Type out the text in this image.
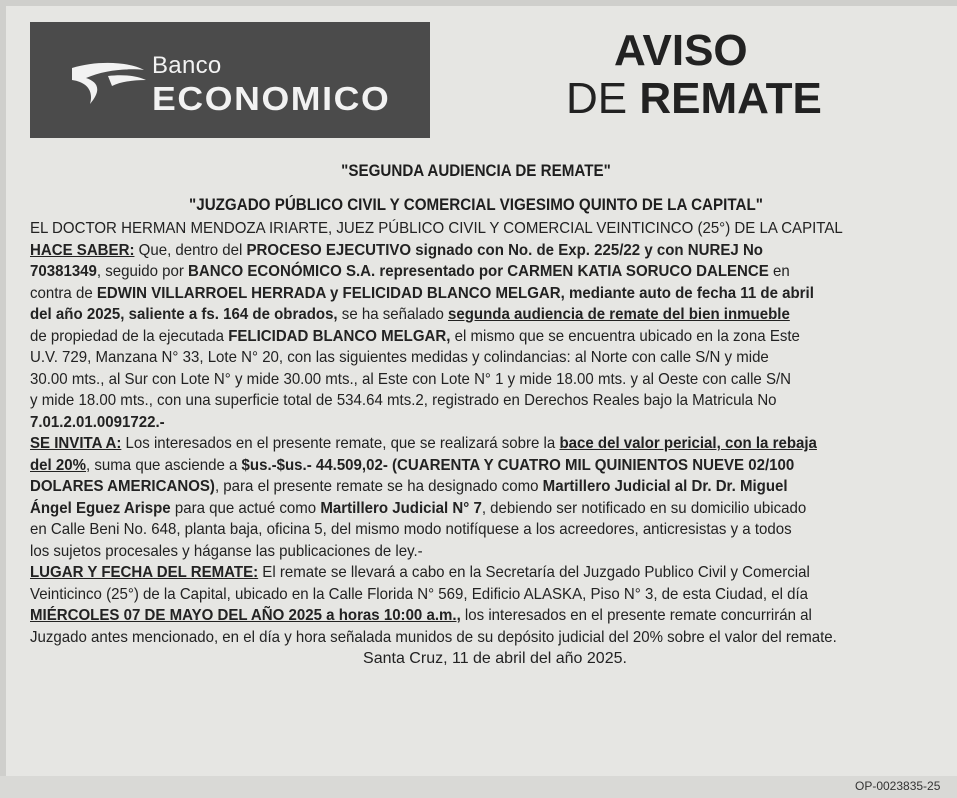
Banco
ECONOMICO
AVISO
DE REMATE
"SEGUNDA AUDIENCIA DE REMATE"
"JUZGADO PÚBLICO CIVIL Y COMERCIAL VIGESIMO QUINTO DE LA CAPITAL"
EL DOCTOR HERMAN MENDOZA IRIARTE, JUEZ PÚBLICO CIVIL Y COMERCIAL VEINTICINCO (25°) DE LA CAPITAL
HACE SABER: Que, dentro del PROCESO EJECUTIVO signado con No. de Exp. 225/22 y con NUREJ No
70381349, seguido por BANCO ECONÓMICO S.A. representado por CARMEN KATIA SORUCO DALENCE en
contra de EDWIN VILLARROEL HERRADA y FELICIDAD BLANCO MELGAR, mediante auto de fecha 11 de abril
del año 2025, saliente a fs. 164 de obrados, se ha señalado segunda audiencia de remate del bien inmueble
de propiedad de la ejecutada FELICIDAD BLANCO MELGAR, el mismo que se encuentra ubicado en la zona Este
U.V. 729, Manzana N° 33, Lote N° 20, con las siguientes medidas y colindancias: al Norte con calle S/N y mide
30.00 mts., al Sur con Lote N° y mide 30.00 mts., al Este con Lote N° 1 y mide 18.00 mts. y al Oeste con calle S/N
y mide 18.00 mts., con una superficie total de 534.64 mts.2, registrado en Derechos Reales bajo la Matricula No
7.01.2.01.0091722.-
SE INVITA A: Los interesados en el presente remate, que se realizará sobre la bace del valor pericial, con la rebaja
del 20%, suma que asciende a $us.-$us.- 44.509,02- (CUARENTA Y CUATRO MIL QUINIENTOS NUEVE 02/100
DOLARES AMERICANOS), para el presente remate se ha designado como Martillero Judicial al Dr. Dr. Miguel
Ángel Eguez Arispe para que actué como Martillero Judicial N° 7, debiendo ser notificado en su domicilio ubicado
en Calle Beni No. 648, planta baja, oficina 5, del mismo modo notifíquese a los acreedores, anticresistas y a todos
los sujetos procesales y háganse las publicaciones de ley.-
LUGAR Y FECHA DEL REMATE: El remate se llevará a cabo en la Secretaría del Juzgado Publico Civil y Comercial
Veinticinco (25°) de la Capital, ubicado en la Calle Florida N° 569, Edificio ALASKA, Piso N° 3, de esta Ciudad, el día
MIÉRCOLES 07 DE MAYO DEL AÑO 2025 a horas 10:00 a.m., los interesados en el presente remate concurrirán al
Juzgado antes mencionado, en el día y hora señalada munidos de su depósito judicial del 20% sobre el valor del remate.
Santa Cruz, 11 de abril del año 2025.
OP-0023835-25
